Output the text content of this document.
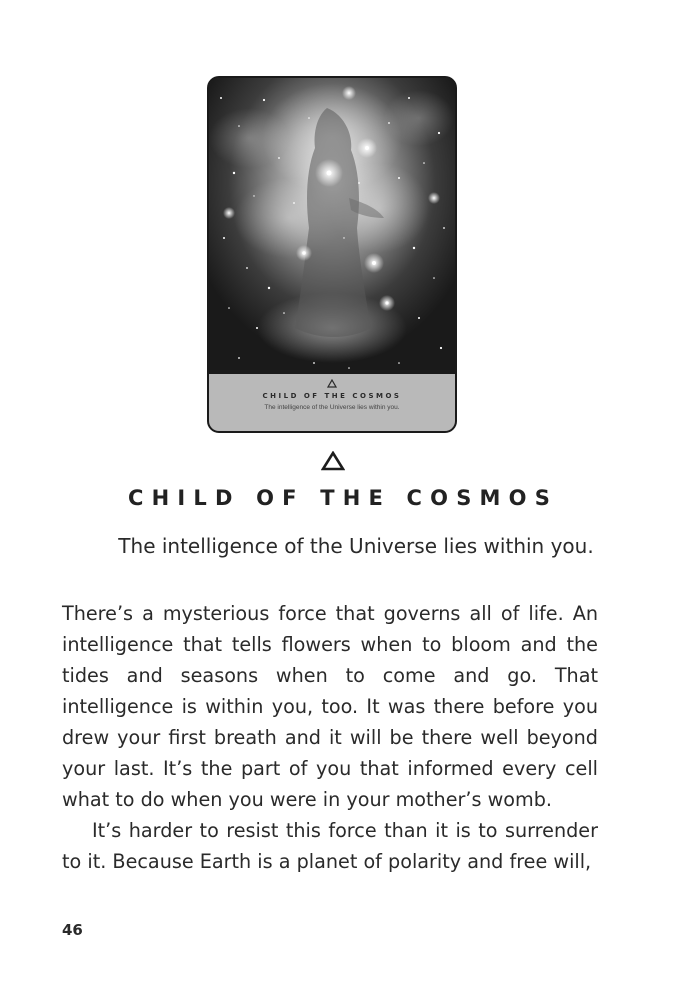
CHILD OF THE COSMOS
The intelligence of the Universe lies within you.
CHILD OF THE COSMOS

The intelligence of the Universe lies within you.

There’s a mysterious force that governs all of life. An intelligence that tells flowers when to bloom and the tides and seasons when to come and go. That intelligence is within you, too. It was there before you drew your first breath and it will be there well beyond your last. It’s the part of you that informed every cell what to do when you were in your mother’s womb.

It’s harder to resist this force than it is to surrender to it. Because Earth is a planet of polarity and free will,

46
